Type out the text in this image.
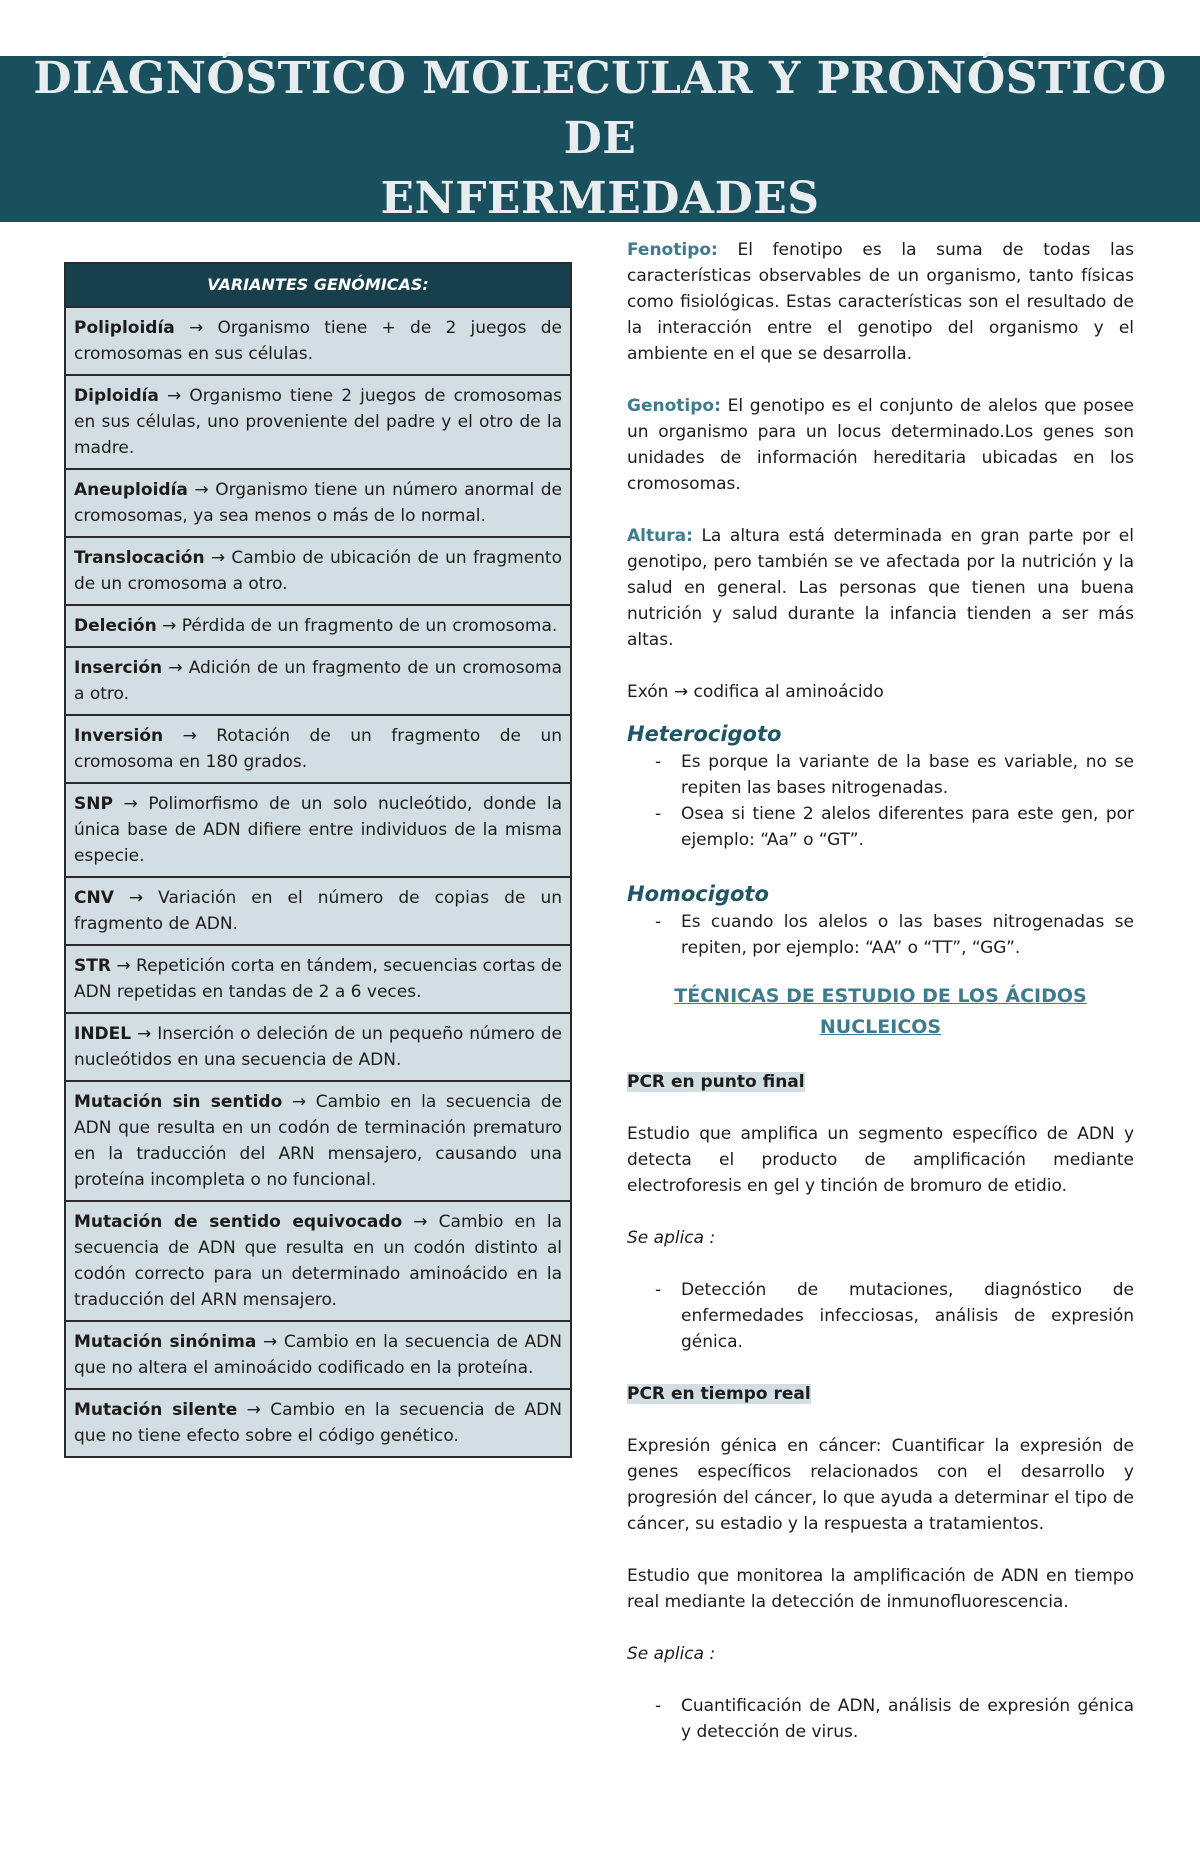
DIAGNÓSTICO MOLECULAR Y PRONÓSTICO DE
ENFERMEDADES
VARIANTES GENÓMICAS:
Poliploidía → Organismo tiene + de 2 juegos de cromosomas en sus células.
Diploidía → Organismo tiene 2 juegos de cromosomas en sus células, uno proveniente del padre y el otro de la madre.
Aneuploidía → Organismo tiene un número anormal de cromosomas, ya sea menos o más de lo normal.
Translocación → Cambio de ubicación de un fragmento de un cromosoma a otro.
Deleción → Pérdida de un fragmento de un cromosoma.
Inserción → Adición de un fragmento de un cromosoma a otro.
Inversión → Rotación de un fragmento de un cromosoma en 180 grados.
SNP → Polimorfismo de un solo nucleótido, donde la única base de ADN difiere entre individuos de la misma especie.
CNV → Variación en el número de copias de un fragmento de ADN.
STR → Repetición corta en tándem, secuencias cortas de ADN repetidas en tandas de 2 a 6 veces.
INDEL → Inserción o deleción de un pequeño número de nucleótidos en una secuencia de ADN.
Mutación sin sentido → Cambio en la secuencia de ADN que resulta en un codón de terminación prematuro en la traducción del ARN mensajero, causando una proteína incompleta o no funcional.
Mutación de sentido equivocado → Cambio en la secuencia de ADN que resulta en un codón distinto al codón correcto para un determinado aminoácido en la traducción del ARN mensajero.
Mutación sinónima → Cambio en la secuencia de ADN que no altera el aminoácido codificado en la proteína.
Mutación silente → Cambio en la secuencia de ADN que no tiene efecto sobre el código genético.

Fenotipo: El fenotipo es la suma de todas las características observables de un organismo, tanto físicas como fisiológicas. Estas características son el resultado de la interacción entre el genotipo del organismo y el ambiente en el que se desarrolla.

Genotipo: El genotipo es el conjunto de alelos que posee un organismo para un locus determinado.Los genes son unidades de información hereditaria ubicadas en los cromosomas.

Altura: La altura está determinada en gran parte por el genotipo, pero también se ve afectada por la nutrición y la salud en general. Las personas que tienen una buena nutrición y salud durante la infancia tienden a ser más altas.

Exón → codifica al aminoácido

Heterocigoto
- Es porque la variante de la base es variable, no se repiten las bases nitrogenadas.
- Osea si tiene 2 alelos diferentes para este gen, por ejemplo: “Aa” o “GT”.
Homocigoto
- Es cuando los alelos o las bases nitrogenadas se repiten, por ejemplo: “AA” o “TT”, “GG”.
TÉCNICAS DE ESTUDIO DE LOS ÁCIDOS
NUCLEICOS

PCR en punto final

Estudio que amplifica un segmento específico de ADN y detecta el producto de amplificación mediante electroforesis en gel y tinción de bromuro de etidio.

Se aplica :

- Detección de mutaciones, diagnóstico de enfermedades infecciosas, análisis de expresión génica.

PCR en tiempo real

Expresión génica en cáncer: Cuantificar la expresión de genes específicos relacionados con el desarrollo y progresión del cáncer, lo que ayuda a determinar el tipo de cáncer, su estadio y la respuesta a tratamientos.

Estudio que monitorea la amplificación de ADN en tiempo real mediante la detección de inmunofluorescencia.

Se aplica :

- Cuantificación de ADN, análisis de expresión génica y detección de virus.
